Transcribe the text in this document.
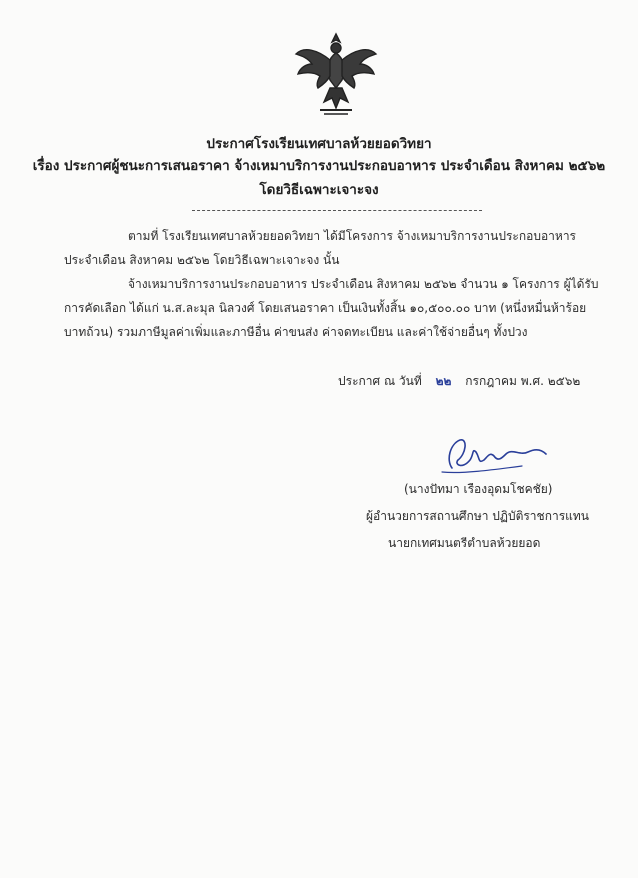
ประกาศโรงเรียนเทศบาลห้วยยอดวิทยา
เรื่อง ประกาศผู้ชนะการเสนอราคา จ้างเหมาบริการงานประกอบอาหาร ประจำเดือน สิงหาคม ๒๕๖๒
โดยวิธีเฉพาะเจาะจง
ตามที่ โรงเรียนเทศบาลห้วยยอดวิทยา ได้มีโครงการ จ้างเหมาบริการงานประกอบอาหาร ประจำเดือน สิงหาคม ๒๕๖๒ โดยวิธีเฉพาะเจาะจง นั้น
จ้างเหมาบริการงานประกอบอาหาร ประจำเดือน สิงหาคม ๒๕๖๒ จำนวน ๑ โครงการ ผู้ได้รับการคัดเลือก ได้แก่ น.ส.ละมุล นิลวงศ์ โดยเสนอราคา เป็นเงินทั้งสิ้น ๑๐,๕๐๐.๐๐ บาท (หนึ่งหมื่นห้าร้อยบาทถ้วน) รวมภาษีมูลค่าเพิ่มและภาษีอื่น ค่าขนส่ง ค่าจดทะเบียน และค่าใช้จ่ายอื่นๆ ทั้งปวง
ประกาศ ณ วันที่ ๒๒ กรกฎาคม พ.ศ. ๒๕๖๒
(นางปัทมา เรืองอุดมโชคชัย)
ผู้อำนวยการสถานศึกษา ปฏิบัติราชการแทน
นายกเทศมนตรีตำบลห้วยยอด
